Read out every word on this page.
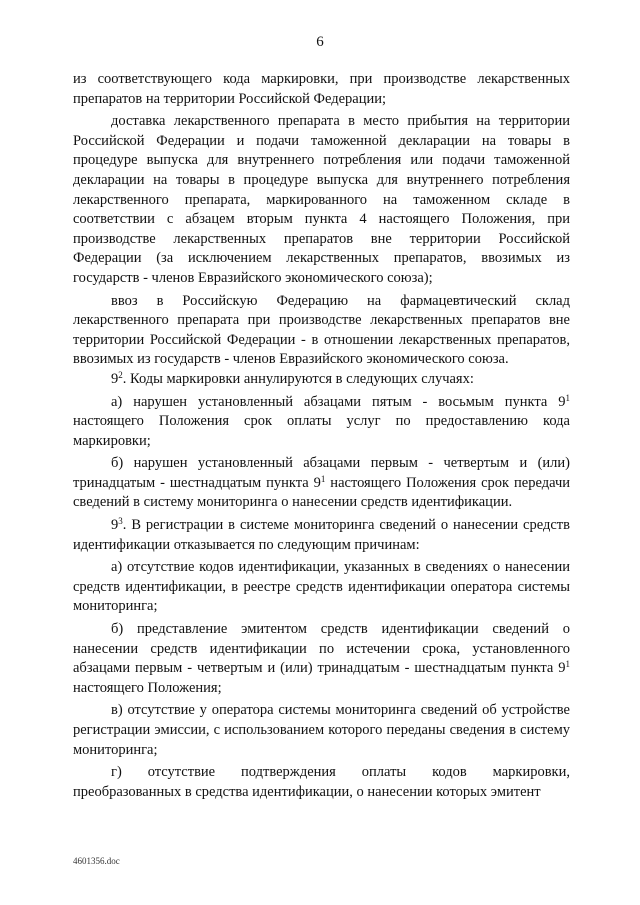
6

из соответствующего кода маркировки, при производстве лекарственных препаратов на территории Российской Федерации;

доставка лекарственного препарата в место прибытия на территории Российской Федерации и подачи таможенной декларации на товары в процедуре выпуска для внутреннего потребления или подачи таможенной декларации на товары в процедуре выпуска для внутреннего потребления лекарственного препарата, маркированного на таможенном складе в соответствии с абзацем вторым пункта 4 настоящего Положения, при производстве лекарственных препаратов вне территории Российской Федерации (за исключением лекарственных препаратов, ввозимых из государств - членов Евразийского экономического союза);

ввоз в Российскую Федерацию на фармацевтический склад лекарственного препарата при производстве лекарственных препаратов вне территории Российской Федерации - в отношении лекарственных препаратов, ввозимых из государств - членов Евразийского экономического союза.

$9^2$. Коды маркировки аннулируются в следующих случаях:

а) нарушен установленный абзацами пятым - восьмым пункта $9^1$ настоящего Положения срок оплаты услуг по предоставлению кода маркировки;

б) нарушен установленный абзацами первым - четвертым и (или) тринадцатым - шестнадцатым пункта $9^1$ настоящего Положения срок передачи сведений в систему мониторинга о нанесении средств идентификации.

$9^3$. В регистрации в системе мониторинга сведений о нанесении средств идентификации отказывается по следующим причинам:

а) отсутствие кодов идентификации, указанных в сведениях о нанесении средств идентификации, в реестре средств идентификации оператора системы мониторинга;

б) представление эмитентом средств идентификации сведений о нанесении средств идентификации по истечении срока, установленного абзацами первым - четвертым и (или) тринадцатым - шестнадцатым пункта $9^1$ настоящего Положения;

в) отсутствие у оператора системы мониторинга сведений об устройстве регистрации эмиссии, с использованием которого переданы сведения в систему мониторинга;

г) отсутствие подтверждения оплаты кодов маркировки, преобразованных в средства идентификации, о нанесении которых эмитент

4601356.doc
